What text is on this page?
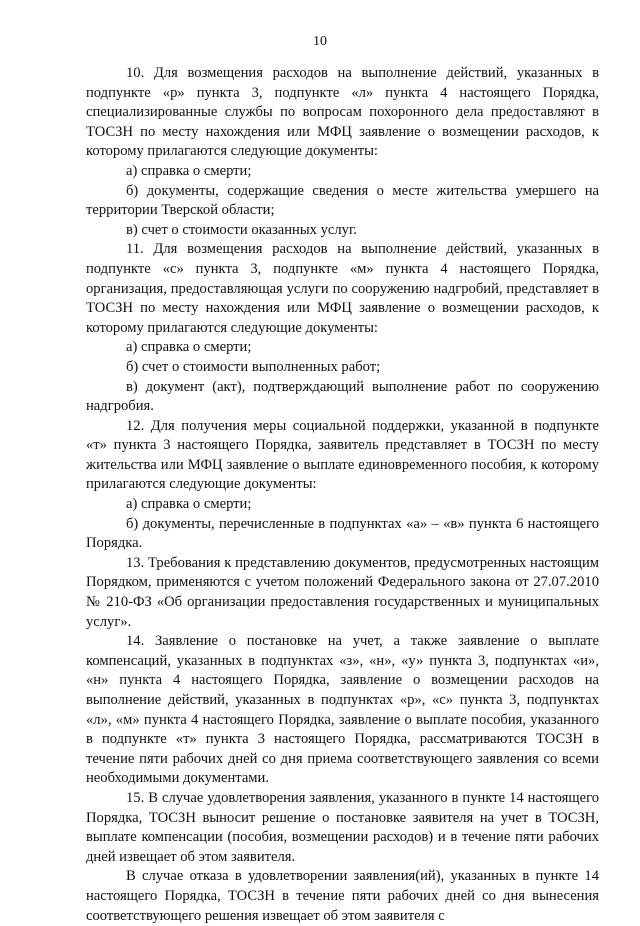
10

10. Для возмещения расходов на выполнение действий, указанных в подпункте «р» пункта 3, подпункте «л» пункта 4 настоящего Порядка, специализированные службы по вопросам похоронного дела предоставляют в ТОСЗН по месту нахождения или МФЦ заявление о возмещении расходов, к которому прилагаются следующие документы:

а) справка о смерти;

б) документы, содержащие сведения о месте жительства умершего на территории Тверской области;

в) счет о стоимости оказанных услуг.

11. Для возмещения расходов на выполнение действий, указанных в подпункте «с» пункта 3, подпункте «м» пункта 4 настоящего Порядка, организация, предоставляющая услуги по сооружению надгробий, представляет в ТОСЗН по месту нахождения или МФЦ заявление о возмещении расходов, к которому прилагаются следующие документы:

а) справка о смерти;

б) счет о стоимости выполненных работ;

в) документ (акт), подтверждающий выполнение работ по сооружению надгробия.

12. Для получения меры социальной поддержки, указанной в подпункте «т» пункта 3 настоящего Порядка, заявитель представляет в ТОСЗН по месту жительства или МФЦ заявление о выплате единовременного пособия, к которому прилагаются следующие документы:

а) справка о смерти;

б) документы, перечисленные в подпунктах «а» – «в» пункта 6 настоящего Порядка.

13. Требования к представлению документов, предусмотренных настоящим Порядком, применяются с учетом положений Федерального закона от 27.07.2010 № 210-ФЗ «Об организации предоставления государственных и муниципальных услуг».

14. Заявление о постановке на учет, а также заявление о выплате компенсаций, указанных в подпунктах «з», «н», «у» пункта 3, подпунктах «и», «н» пункта 4 настоящего Порядка, заявление о возмещении расходов на выполнение действий, указанных в подпунктах «р», «с» пункта 3, подпунктах «л», «м» пункта 4 настоящего Порядка, заявление о выплате пособия, указанного в подпункте «т» пункта 3 настоящего Порядка, рассматриваются ТОСЗН в течение пяти рабочих дней со дня приема соответствующего заявления со всеми необходимыми документами.

15. В случае удовлетворения заявления, указанного в пункте 14 настоящего Порядка, ТОСЗН выносит решение о постановке заявителя на учет в ТОСЗН, выплате компенсации (пособия, возмещении расходов) и в течение пяти рабочих дней извещает об этом заявителя.

В случае отказа в удовлетворении заявления(ий), указанных в пункте 14 настоящего Порядка, ТОСЗН в течение пяти рабочих дней со дня вынесения соответствующего решения извещает об этом заявителя с
